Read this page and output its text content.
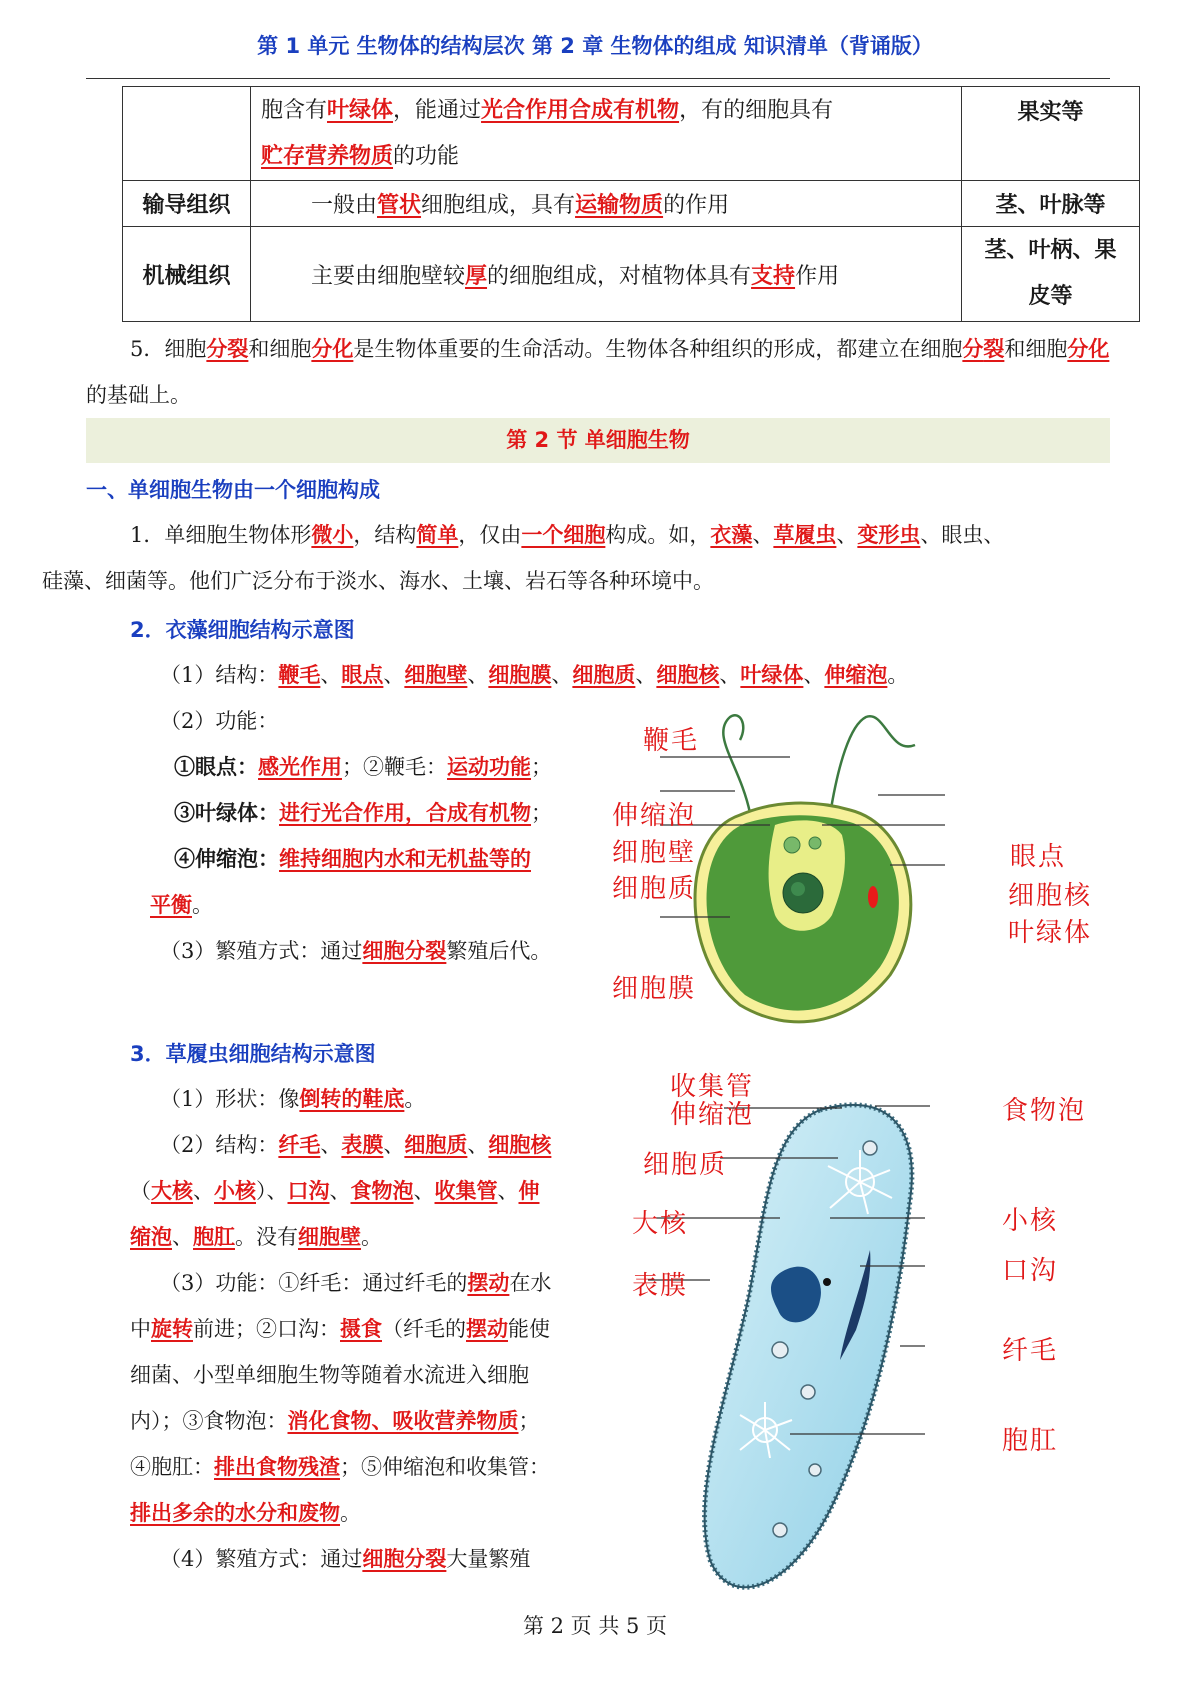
第 1 单元 生物体的结构层次 第 2 章 生物体的组成 知识清单（背诵版）
	胞含有叶绿体，能通过光合作用合成有机物，有的细胞具有
贮存营养物质的功能	果实等
输导组织	一般由管状细胞组成，具有运输物质的作用	茎、叶脉等
机械组织	主要由细胞壁较厚的细胞组成，对植物体具有支持作用	茎、叶柄、果
皮等
5．细胞分裂和细胞分化是生物体重要的生命活动。生物体各种组织的形成，都建立在细胞分裂和细胞分化的基础上。
第 2 节 单细胞生物
一、单细胞生物由一个细胞构成
1．单细胞生物体形微小，结构简单，仅由一个细胞构成。如，衣藻、草履虫、变形虫、眼虫、
硅藻、细菌等。他们广泛分布于淡水、海水、土壤、岩石等各种环境中。
2．衣藻细胞结构示意图
（1）结构：鞭毛、眼点、细胞壁、细胞膜、细胞质、细胞核、叶绿体、伸缩泡。
（2）功能：
①眼点：感光作用；②鞭毛：运动功能；
③叶绿体：进行光合作用，合成有机物；
④伸缩泡：维持细胞内水和无机盐等的
平衡。
（3）繁殖方式：通过细胞分裂繁殖后代。
鞭毛
伸缩泡
细胞壁
细胞质
细胞膜
眼点
细胞核
叶绿体
3．草履虫细胞结构示意图
（1）形状：像倒转的鞋底。
（2）结构：纤毛、表膜、细胞质、细胞核
（大核、小核）、口沟、食物泡、收集管、伸
缩泡、胞肛。没有细胞壁。
（3）功能：①纤毛：通过纤毛的摆动在水
中旋转前进；②口沟：摄食（纤毛的摆动能使
细菌、小型单细胞生物等随着水流进入细胞
内）；③食物泡：消化食物、吸收营养物质；
④胞肛：排出食物残渣；⑤伸缩泡和收集管：
排出多余的水分和废物。
（4）繁殖方式：通过细胞分裂大量繁殖
收集管
伸缩泡
细胞质
大核
表膜
食物泡
小核
口沟
纤毛
胞肛
第 2 页 共 5 页
